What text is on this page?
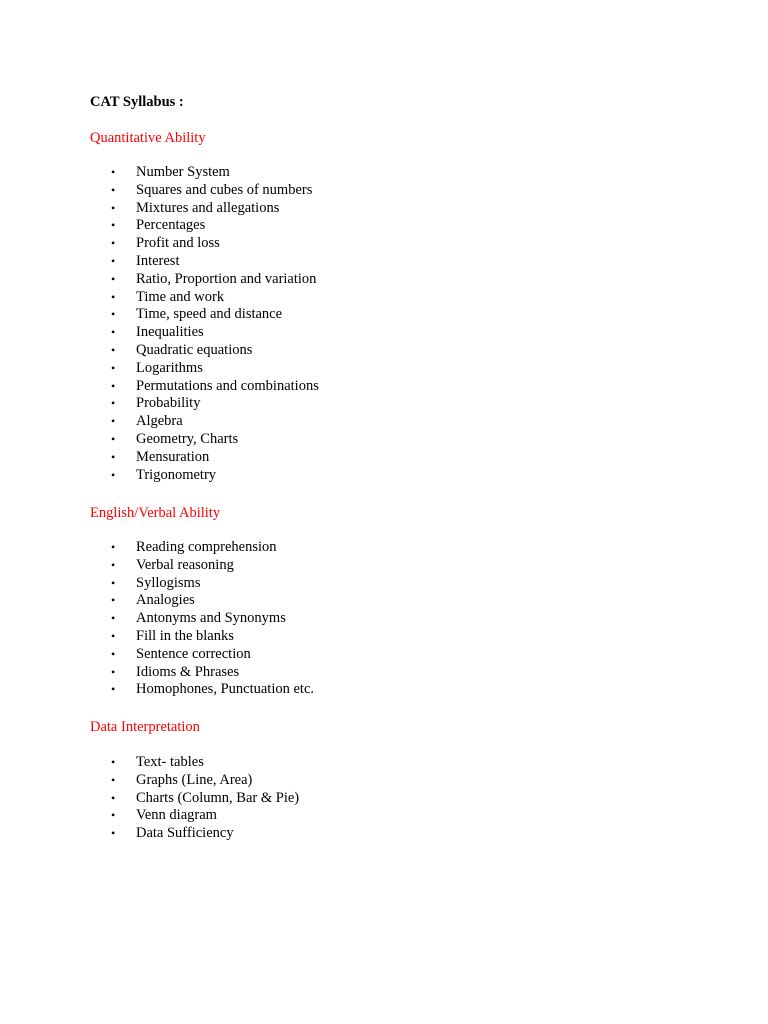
CAT Syllabus :
Quantitative Ability
• Number System
• Squares and cubes of numbers
• Mixtures and allegations
• Percentages
• Profit and loss
• Interest
• Ratio, Proportion and variation
• Time and work
• Time, speed and distance
• Inequalities
• Quadratic equations
• Logarithms
• Permutations and combinations
• Probability
• Algebra
• Geometry, Charts
• Mensuration
• Trigonometry
English/Verbal Ability
• Reading comprehension
• Verbal reasoning
• Syllogisms
• Analogies
• Antonyms and Synonyms
• Fill in the blanks
• Sentence correction
• Idioms & Phrases
• Homophones, Punctuation etc.
Data Interpretation
• Text- tables
• Graphs (Line, Area)
• Charts (Column, Bar & Pie)
• Venn diagram
• Data Sufficiency
